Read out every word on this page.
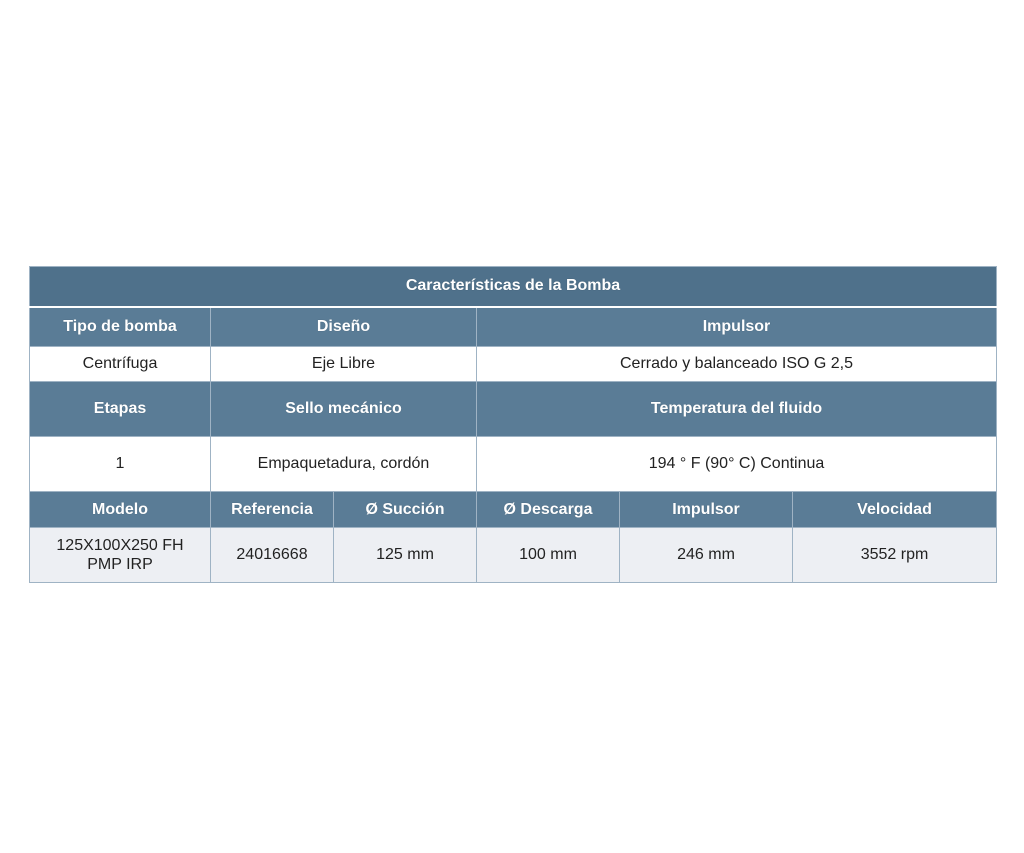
Características de la Bomba					
Tipo de bomba	Diseño		Impulsor		
Centrífuga	Eje Libre		Cerrado y balanceado ISO G 2,5		
Etapas	Sello mecánico		Temperatura del fluido		
1	Empaquetadura, cordón		194 ° F (90° C) Continua		
Modelo	Referencia	Ø Succión	Ø Descarga	Impulsor	Velocidad

125X100X250 FH
PMP IRP	24016668	125 mm	100 mm	246 mm	3552 rpm
